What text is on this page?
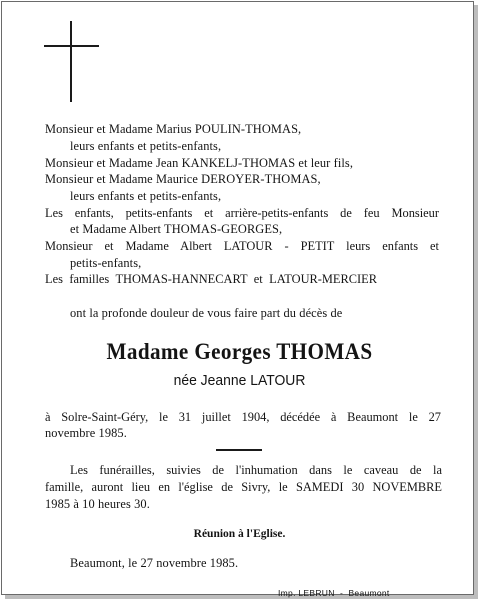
Monsieur et Madame Marius POULIN-THOMAS,
leurs enfants et petits-enfants,
Monsieur et Madame Jean KANKELJ-THOMAS et leur fils,
Monsieur et Madame Maurice DEROYER-THOMAS,
leurs enfants et petits-enfants,
Les enfants, petits-enfants et arrière-petits-enfants de feu Monsieur
et Madame Albert THOMAS-GEORGES,
Monsieur et Madame Albert LATOUR - PETIT leurs enfants et
petits-enfants,
Les familles THOMAS-HANNECART et LATOUR-MERCIER
ont la profonde douleur de vous faire part du décès de
Madame Georges THOMAS
née Jeanne LATOUR
à Solre-Saint-Géry, le 31 juillet 1904, décédée à Beaumont le 27
novembre 1985.
Les funérailles, suivies de l'inhumation dans le caveau de la
famille, auront lieu en l'église de Sivry, le SAMEDI 30 NOVEMBRE
1985 à 10 heures 30.
Réunion à l'Eglise.
Beaumont, le 27 novembre 1985.
Imp. LEBRUN  -  Beaumont
